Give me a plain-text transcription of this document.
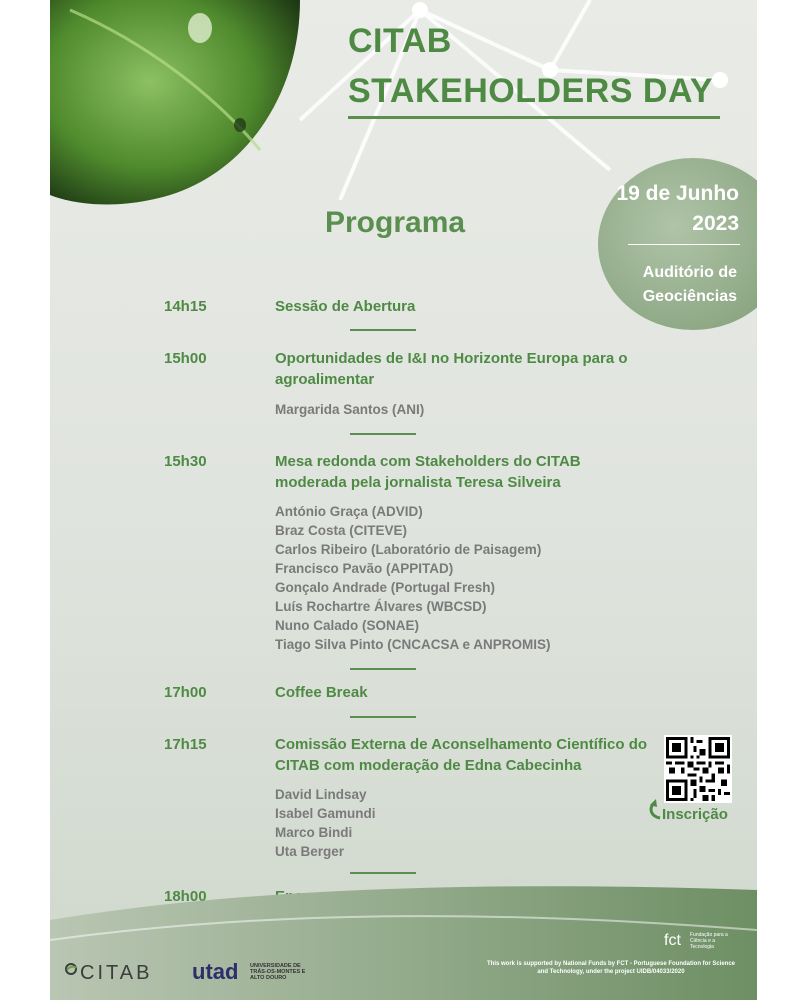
CITAB
STAKEHOLDERS DAY
Programa
19 de Junho
2023
Auditório de
Geociências
14h15	Sessão de Abertura
15h00	Oportunidades de I&I no Horizonte Europa para o agroalimentar
Margarida Santos (ANI)
15h30	Mesa redonda com Stakeholders do CITAB moderada pela jornalista Teresa Silveira
António Graça (ADVID)
Braz Costa (CITEVE)
Carlos Ribeiro (Laboratório de Paisagem)
Francisco Pavão (APPITAD)
Gonçalo Andrade (Portugal Fresh)
Luís Rochartre Álvares (WBCSD)
Nuno Calado (SONAE)
Tiago Silva Pinto (CNCACSA e ANPROMIS)
17h00	Coffee Break
17h15	Comissão Externa de Aconselhamento Científico do CITAB com moderação de Edna Cabecinha
David Lindsay
Isabel Gamundi
Marco Bindi
Uta Berger
18h00
Inscrição
CITAB utad UNIVERSIDADE DE TRÁS-OS-MONTES E ALTO DOURO
fct Fundação para a Ciência e a Tecnologia
This work is supported by National Funds by FCT - Portuguese Foundation for Science and Technology, under the project UIDB/04033/2020
